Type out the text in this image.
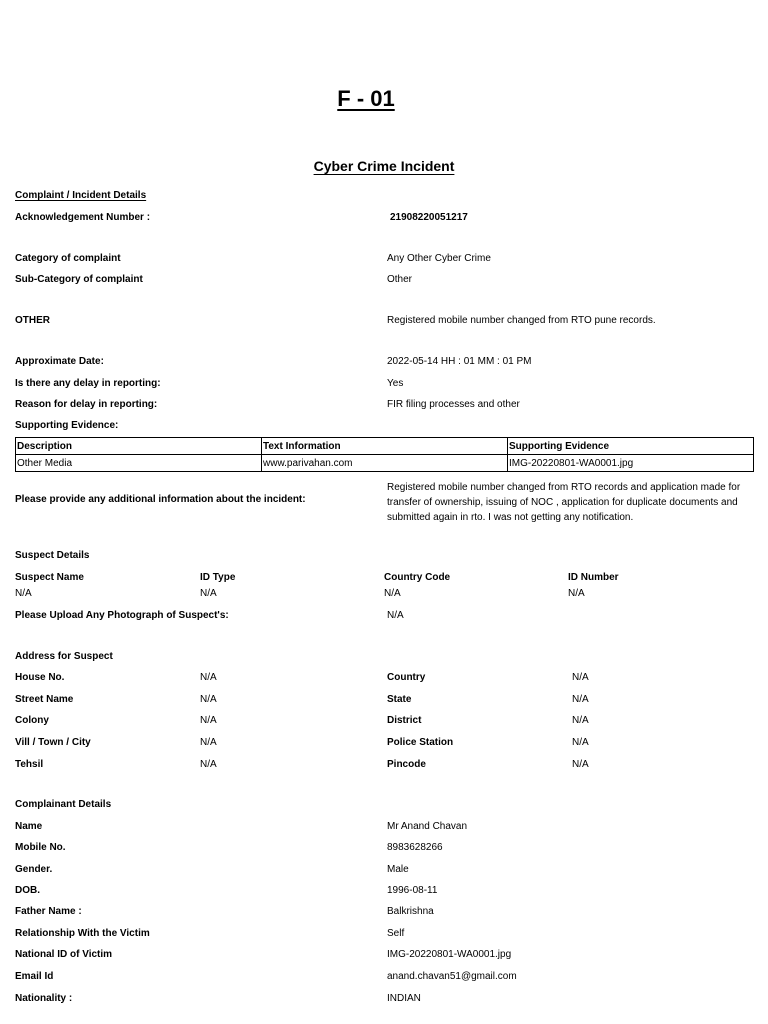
F - 01
Cyber Crime Incident
Complaint / Incident Details
Acknowledgement Number :	21908220051217
Category of complaint	Any Other Cyber Crime
Sub-Category of complaint	Other
OTHER	Registered mobile number changed from RTO pune records.
Approximate Date:	2022-05-14 HH : 01 MM : 01 PM
Is there any delay in reporting:	Yes
Reason for delay in reporting:	FIR filing processes and other
Supporting Evidence:
Description	Text Information	Supporting Evidence
Other Media	www.parivahan.com	IMG-20220801-WA0001.jpg
Please provide any additional information about the incident:
Registered mobile number changed from RTO records and application made for transfer of ownership, issuing of NOC , application for duplicate documents and submitted again in rto. I was not getting any notification.
Suspect Details
Suspect Name	ID Type	Country Code	ID Number
N/A	N/A	N/A	N/A
Please Upload Any Photograph of Suspect's:	N/A
Address for Suspect
House No.	N/A	Country	N/A
Street Name	N/A	State	N/A
Colony	N/A	District	N/A
Vill / Town / City	N/A	Police Station	N/A
Tehsil	N/A	Pincode	N/A
Complainant Details
Name	Mr Anand Chavan
Mobile No.	8983628266
Gender.	Male
DOB.	1996-08-11
Father Name :	Balkrishna
Relationship With the Victim	Self
National ID of Victim	IMG-20220801-WA0001.jpg
Email Id	anand.chavan51@gmail.com
Nationality :	INDIAN
